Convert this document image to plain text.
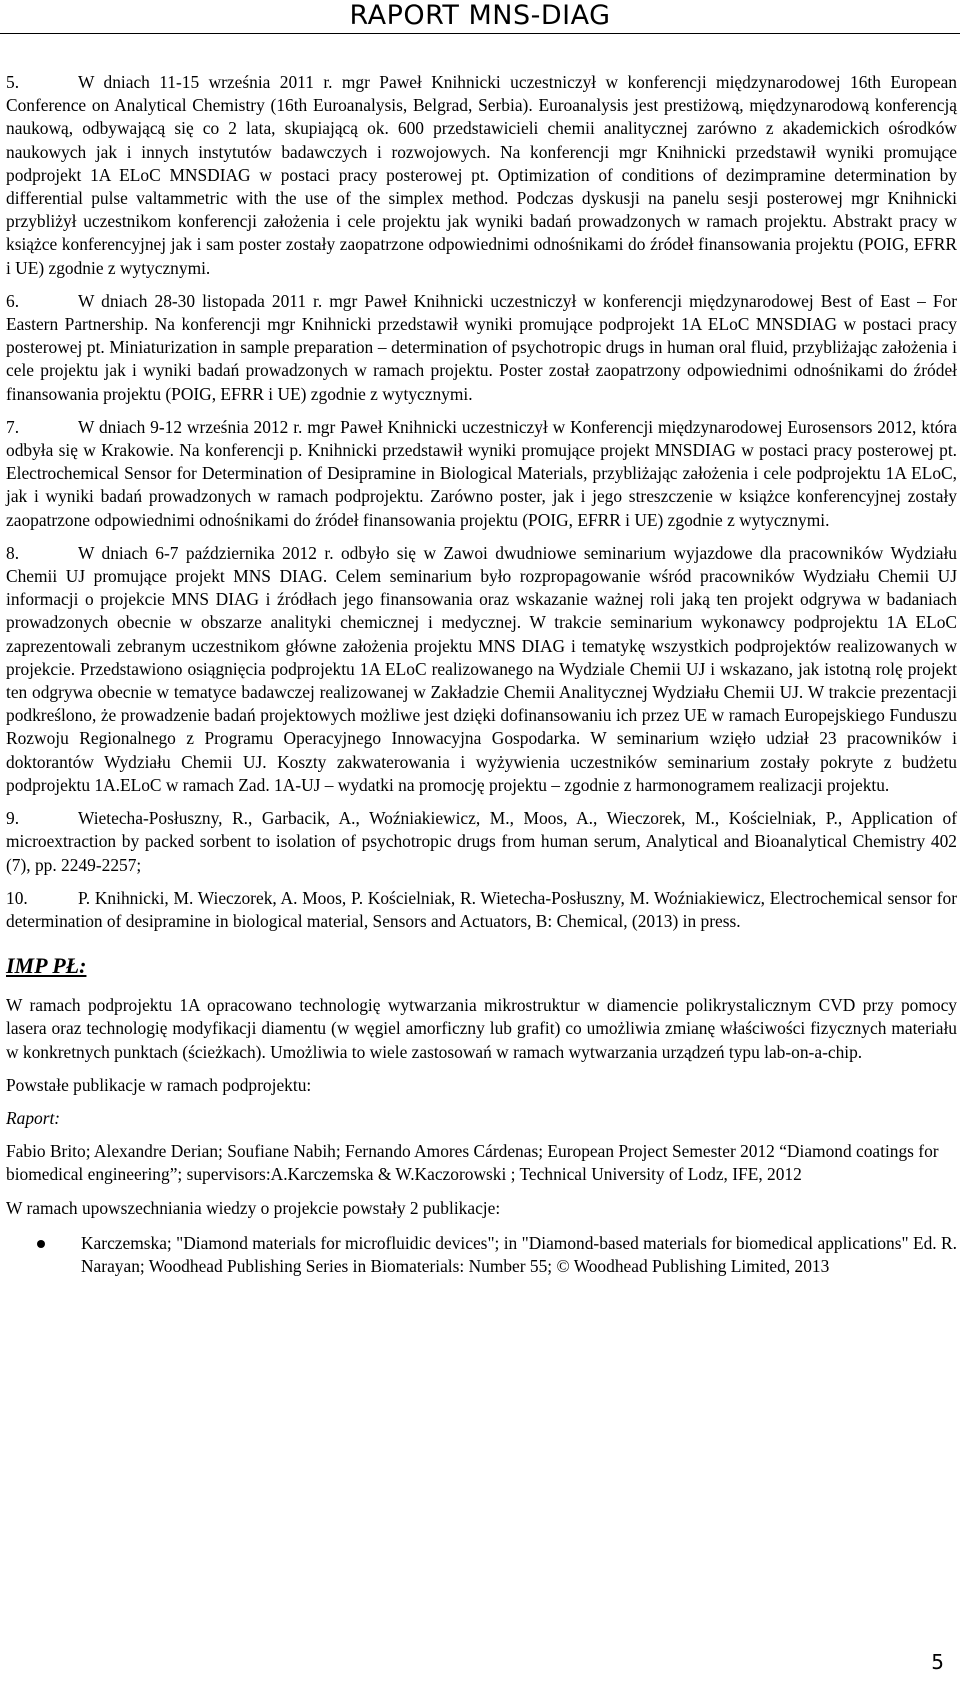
RAPORT MNS-DIAG
5.	W dniach 11-15 września 2011 r. mgr Paweł Knihnicki uczestniczył w konferencji międzynarodowej 16th European Conference on Analytical Chemistry (16th Euroanalysis, Belgrad, Serbia). Euroanalysis jest prestiżową, międzynarodową konferencją naukową, odbywającą się co 2 lata, skupiającą ok. 600 przedstawicieli chemii analitycznej zarówno z akademickich ośrodków naukowych jak i innych instytutów badawczych i rozwojowych. Na konferencji mgr Knihnicki przedstawił wyniki promujące podprojekt 1A ELoC MNSDIAG w postaci pracy posterowej pt. Optimization of conditions of dezimpramine determination by differential pulse valtammetric with the use of the simplex method. Podczas dyskusji na panelu sesji posterowej mgr Knihnicki przybliżył uczestnikom konferencji założenia i cele projektu jak wyniki badań prowadzonych w ramach projektu. Abstrakt pracy w książce konferencyjnej jak i sam poster zostały zaopatrzone odpowiednimi odnośnikami do źródeł finansowania projektu (POIG, EFRR i UE) zgodnie z wytycznymi.
6.	W dniach 28-30 listopada 2011 r. mgr Paweł Knihnicki uczestniczył w konferencji międzynarodowej Best of East – For Eastern Partnership. Na konferencji mgr Knihnicki przedstawił wyniki promujące podprojekt 1A ELoC MNSDIAG w postaci pracy posterowej pt. Miniaturization in sample preparation – determination of psychotropic drugs in human oral fluid, przybliżając założenia i cele projektu jak i wyniki badań prowadzonych w ramach projektu. Poster został zaopatrzony odpowiednimi odnośnikami do źródeł finansowania projektu (POIG, EFRR i UE) zgodnie z wytycznymi.
7.	W dniach 9-12 września 2012 r. mgr Paweł Knihnicki uczestniczył w Konferencji międzynarodowej Eurosensors 2012, która odbyła się w Krakowie. Na konferencji p. Knihnicki przedstawił wyniki promujące projekt MNSDIAG w postaci pracy posterowej pt. Electrochemical Sensor for Determination of Desipramine in Biological Materials, przybliżając założenia i cele podprojektu 1A ELoC, jak i wyniki badań prowadzonych w ramach podprojektu. Zarówno poster, jak i jego streszczenie w książce konferencyjnej zostały zaopatrzone odpowiednimi odnośnikami do źródeł finansowania projektu (POIG, EFRR i UE) zgodnie z wytycznymi.
8.	W dniach 6-7 października 2012 r. odbyło się w Zawoi dwudniowe seminarium wyjazdowe dla pracowników Wydziału Chemii UJ promujące projekt MNS DIAG. Celem seminarium było rozpropagowanie wśród pracowników Wydziału Chemii UJ informacji o projekcie MNS DIAG i źródłach jego finansowania oraz wskazanie ważnej roli jaką ten projekt odgrywa w badaniach prowadzonych obecnie w obszarze analityki chemicznej i medycznej. W trakcie seminarium wykonawcy podprojektu 1A ELoC zaprezentowali zebranym uczestnikom główne założenia projektu MNS DIAG i tematykę wszystkich podprojektów realizowanych w projekcie. Przedstawiono osiągnięcia podprojektu 1A ELoC realizowanego na Wydziale Chemii UJ i wskazano, jak istotną rolę projekt ten odgrywa obecnie w tematyce badawczej realizowanej w Zakładzie Chemii Analitycznej Wydziału Chemii UJ. W trakcie prezentacji podkreślono, że prowadzenie badań projektowych możliwe jest dzięki dofinansowaniu ich przez UE w ramach Europejskiego Funduszu Rozwoju Regionalnego z Programu Operacyjnego Innowacyjna Gospodarka. W seminarium wzięło udział 23 pracowników i doktorantów Wydziału Chemii UJ. Koszty zakwaterowania i wyżywienia uczestników seminarium zostały pokryte z budżetu podprojektu 1A.ELoC w ramach Zad. 1A-UJ – wydatki na promocję projektu – zgodnie z harmonogramem realizacji projektu.
9.	Wietecha-Posłuszny, R., Garbacik, A., Woźniakiewicz, M., Moos, A., Wieczorek, M., Kościelniak, P., Application of microextraction by packed sorbent to isolation of psychotropic drugs from human serum, Analytical and Bioanalytical Chemistry 402 (7), pp. 2249-2257;
10.	P. Knihnicki, M. Wieczorek, A. Moos, P. Kościelniak, R. Wietecha-Posłuszny, M. Woźniakiewicz, Electrochemical sensor for determination of desipramine in biological material, Sensors and Actuators, B: Chemical, (2013) in press.
IMP PŁ:
W ramach podprojektu 1A opracowano technologię wytwarzania mikrostruktur w diamencie polikrystalicznym CVD przy pomocy lasera oraz technologię modyfikacji diamentu (w węgiel amorficzny lub grafit) co umożliwia zmianę właściwości fizycznych materiału w konkretnych punktach (ścieżkach). Umożliwia to wiele zastosowań w ramach wytwarzania urządzeń typu lab-on-a-chip.
Powstałe publikacje w ramach podprojektu:
Raport:
Fabio Brito; Alexandre Derian; Soufiane Nabih; Fernando Amores Cárdenas; European Project Semester 2012 “Diamond coatings for biomedical engineering”; supervisors:A.Karczemska & W.Kaczorowski ; Technical University of Lodz, IFE, 2012
W ramach upowszechniania wiedzy o projekcie powstały 2 publikacje:
Karczemska; "Diamond materials for microfluidic devices"; in "Diamond-based materials for biomedical applications" Ed. R. Narayan; Woodhead Publishing Series in Biomaterials: Number 55; © Woodhead Publishing Limited, 2013
5
